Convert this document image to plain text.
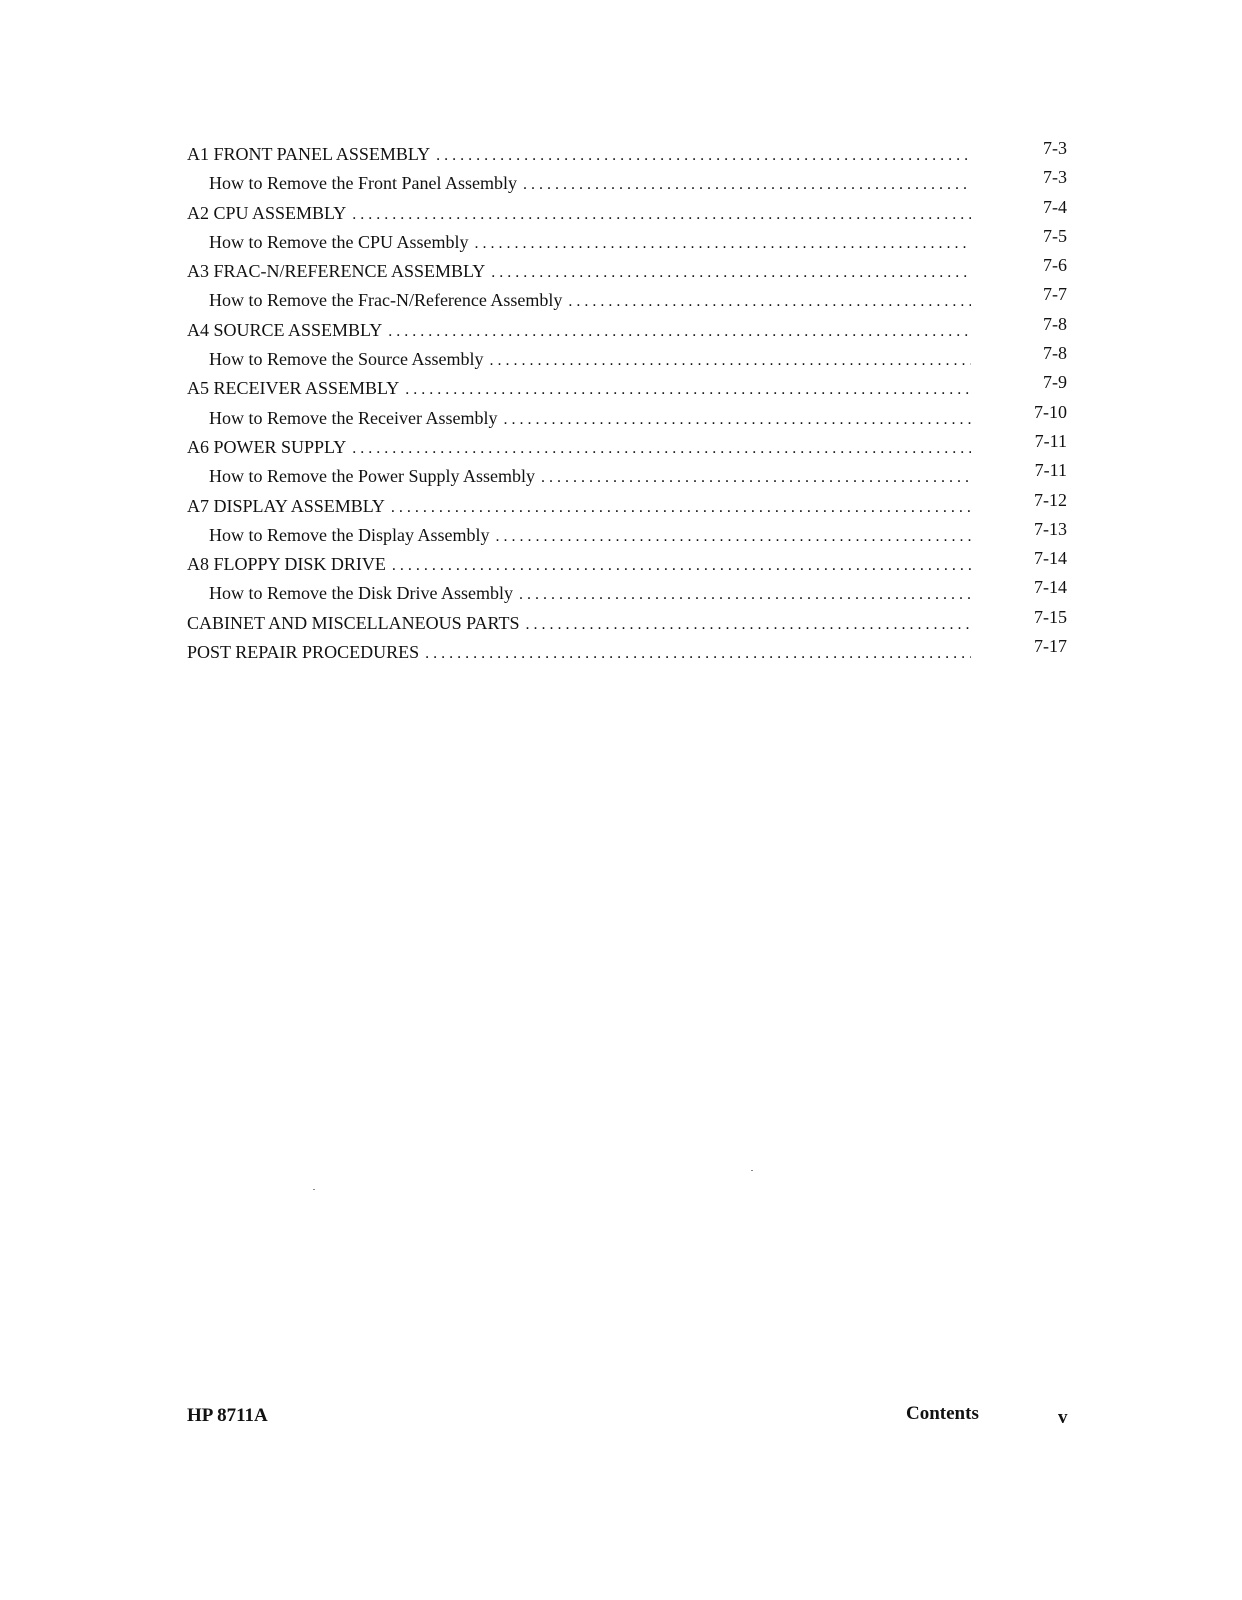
A1 FRONT PANEL ASSEMBLY . . .	7-3
How to Remove the Front Panel Assembly . . .	7-3
A2 CPU ASSEMBLY . . .	7-4
How to Remove the CPU Assembly . . .	7-5
A3 FRAC-N/REFERENCE ASSEMBLY . . .	7-6
How to Remove the Frac-N/Reference Assembly . . .	7-7
A4 SOURCE ASSEMBLY . . .	7-8
How to Remove the Source Assembly . . .	7-8
A5 RECEIVER ASSEMBLY . . .	7-9
How to Remove the Receiver Assembly . . .	7-10
A6 POWER SUPPLY . . .	7-11
How to Remove the Power Supply Assembly . . .	7-11
A7 DISPLAY ASSEMBLY . . .	7-12
How to Remove the Display Assembly . . .	7-13
A8 FLOPPY DISK DRIVE . . .	7-14
How to Remove the Disk Drive Assembly . . .	7-14
CABINET AND MISCELLANEOUS PARTS . . .	7-15
POST REPAIR PROCEDURES . . .	7-17
HP 8711A	Contents	v
